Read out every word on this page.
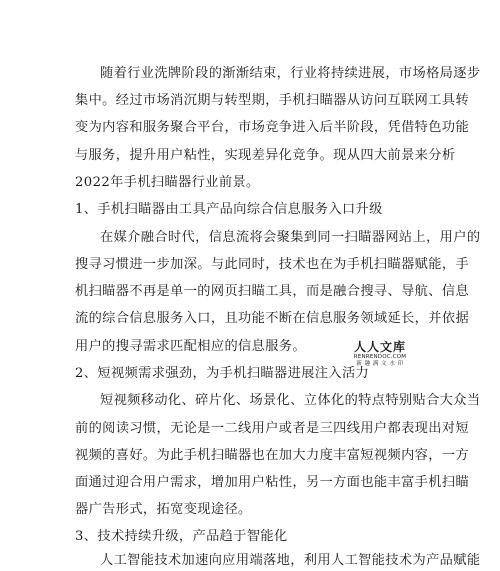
随着行业洗牌阶段的渐渐结束，行业将持续进展，市场格局逐步
集中。经过市场消沉期与转型期，手机扫瞄器从访问互联网工具转
变为内容和服务聚合平台，市场竞争进入后半阶段，凭借特色功能
与服务，提升用户粘性，实现差异化竞争。现从四大前景来分析
2022年手机扫瞄器行业前景。
1、手机扫瞄器由工具产品向综合信息服务入口升级
在媒介融合时代，信息流将会聚集到同一扫瞄器网站上，用户的
搜寻习惯进一步加深。与此同时，技术也在为手机扫瞄器赋能，手
机扫瞄器不再是单一的网页扫瞄工具，而是融合搜寻、导航、信息
流的综合信息服务入口，且功能不断在信息服务领域延长，并依据
用户的搜寻需求匹配相应的信息服务。
2、短视频需求强劲，为手机扫瞄器进展注入活力
短视频移动化、碎片化、场景化、立体化的特点特别贴合大众当
前的阅读习惯，无论是一二线用户或者是三四线用户都表现出对短
视频的喜好。为此手机扫瞄器也在加大力度丰富短视频内容，一方
面通过迎合用户需求，增加用户粘性，另一方面也能丰富手机扫瞄
器广告形式，拓宽变现途径。
3、技术持续升级，产品趋于智能化
人工智能技术加速向应用端落地，利用人工智能技术为产品赋能
人人文库
RENRENDOC.COM
新 趣 满 文 水 印
